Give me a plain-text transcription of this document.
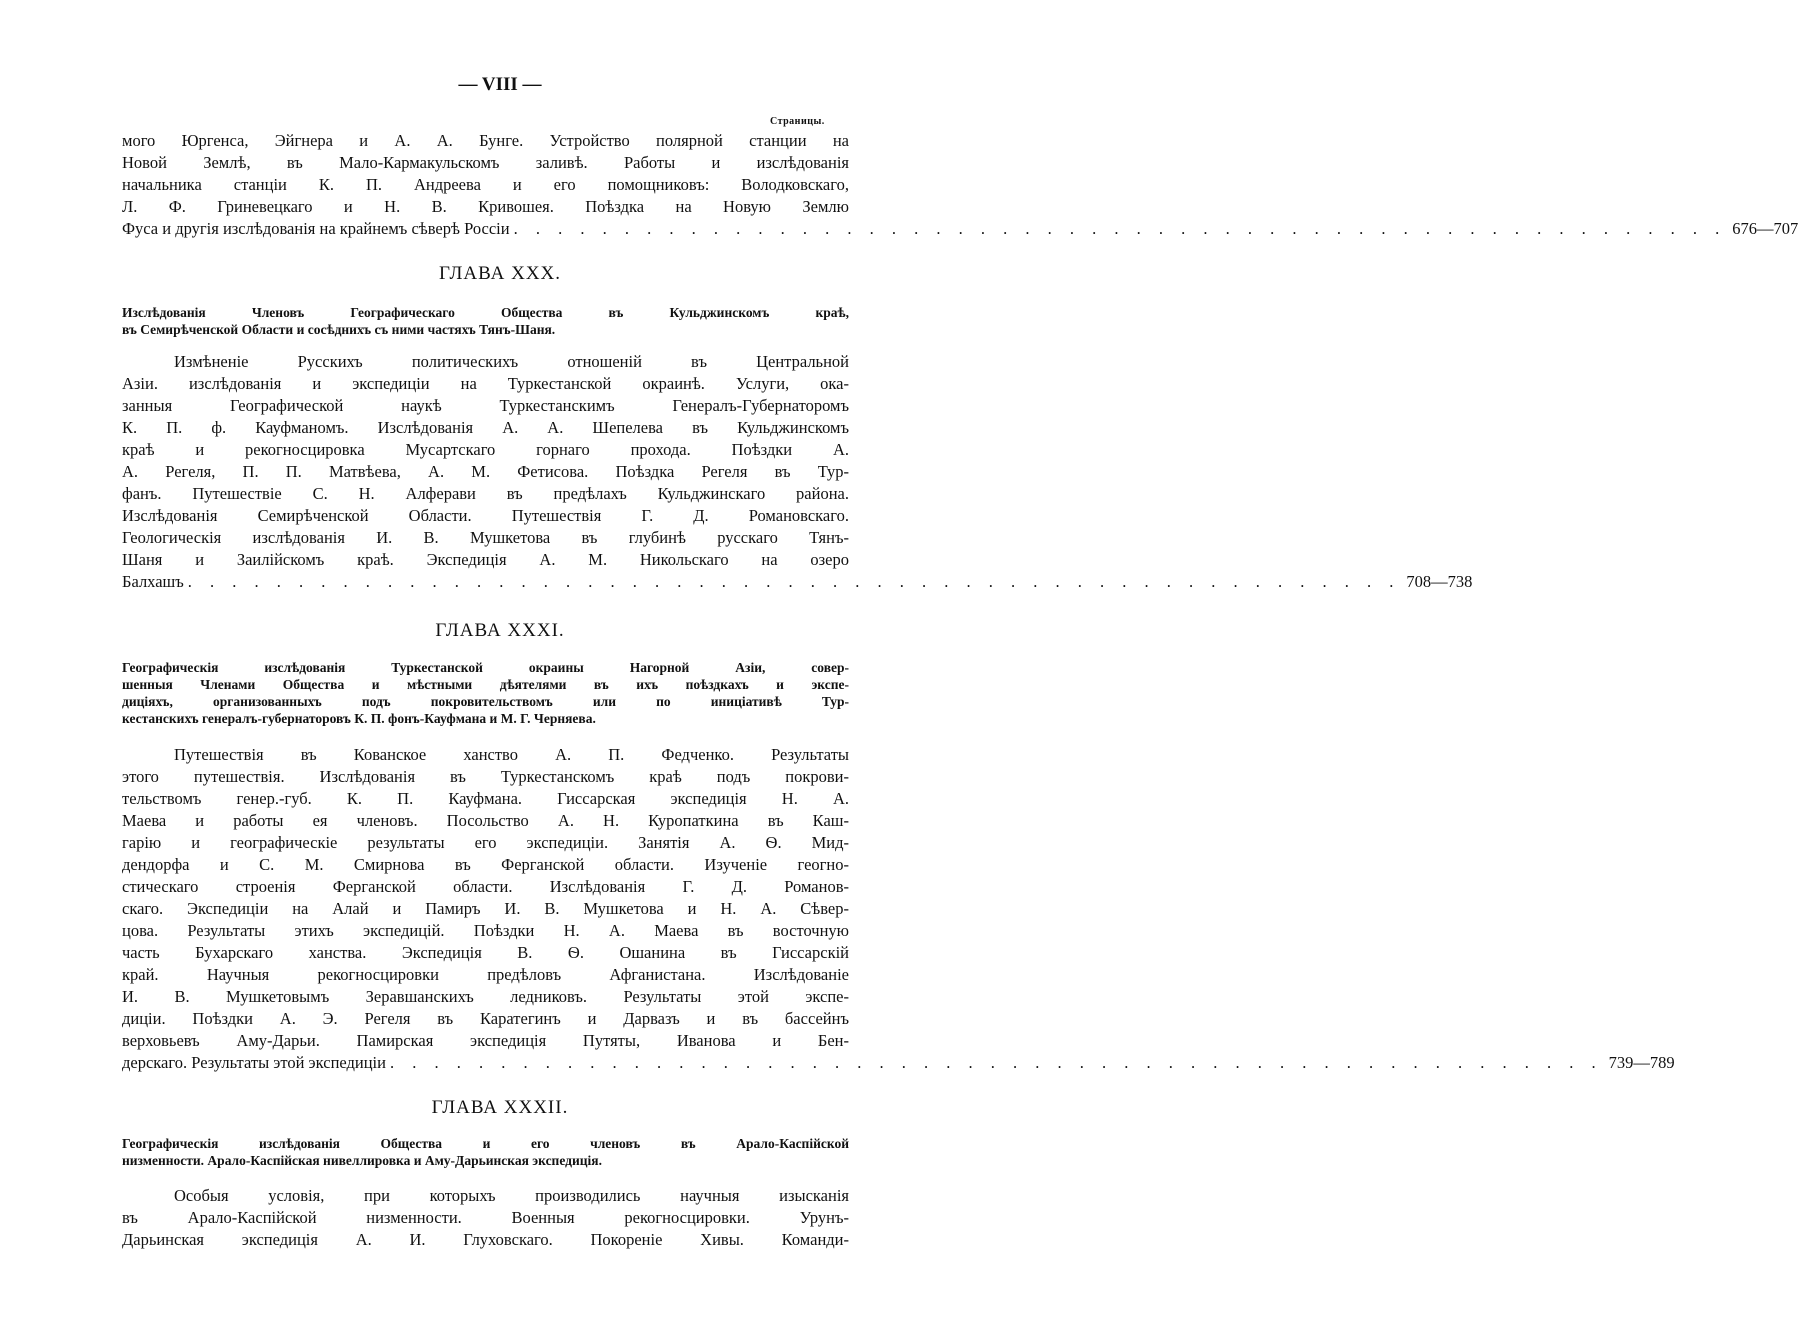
— VIII —
Страницы.
мого Юргенса, Эйгнера и А. А. Бунге. Устройство полярной станции на
Новой Землѣ, въ Мало-Кармакульскомъ заливѣ. Работы и изслѣдованія
начальника станціи К. П. Андреева и его помощниковъ: Володковскаго,
Л. Ф. Гриневецкаго и Н. В. Кривошея. Поѣздка на Новую Землю
Фуса и другія изслѣдованія на крайнемъ сѣверѣ Россіи . . . . . . . . . . . . . . . . . . . . . . . . . . . . . . . . . . . . . . . . . . . . . . . . . . . . . . . 676—707
ГЛАВА XXX.
Изслѣдованія Членовъ Географическаго Общества въ Кульджинскомъ краѣ,
въ Семирѣченской Области и сосѣднихъ съ ними частяхъ Тянъ-Шаня.
Измѣненіе Русскихъ политическихъ отношеній въ Центральной
Азіи. изслѣдованія и экспедиціи на Туркестанской окраинѣ. Услуги, ока-
занныя Географической наукѣ Туркестанскимъ Генералъ-Губернаторомъ
К. П. ф. Кауфманомъ. Изслѣдованія А. А. Шепелева въ Кульджинскомъ
краѣ и рекогносцировка Мусартскаго горнаго прохода. Поѣздки А.
А. Регеля, П. П. Матвѣева, А. М. Фетисова. Поѣздка Регеля въ Тур-
фанъ. Путешествіе С. Н. Алферави въ предѣлахъ Кульджинскаго района.
Изслѣдованія Семирѣченской Области. Путешествія Г. Д. Романовскаго.
Геологическія изслѣдованія И. В. Мушкетова въ глубинѣ русскаго Тянъ-
Шаня и Заилійскомъ краѣ. Экспедиція А. М. Никольскаго на озеро
Балхашъ . . . . . . . . . . . . . . . . . . . . . . . . . . . . . . . . . . . . . . . . . . . . . . . . . . . . . . . 708—738
ГЛАВА XXXI.
Географическія изслѣдованія Туркестанской окраины Нагорной Азіи, совер-
шенныя Членами Общества и мѣстными дѣятелями въ ихъ поѣздкахъ и экспе-
диціяхъ, организованныхъ подъ покровительствомъ или по иниціативѣ Тур-
кестанскихъ генералъ-губернаторовъ К. П. фонъ-Кауфмана и М. Г. Черняева.
Путешествія въ Кованское ханство А. П. Федченко. Результаты
этого путешествія. Изслѣдованія въ Туркестанскомъ краѣ подъ покрови-
тельствомъ генер.-губ. К. П. Кауфмана. Гиссарская экспедиція Н. А.
Маева и работы ея членовъ. Посольство А. Н. Куропаткина въ Каш-
гарію и географическіе результаты его экспедиціи. Занятія А. Ѳ. Мид-
дендорфа и С. М. Смирнова въ Ферганской области. Изученіе геогно-
стическаго строенія Ферганской области. Изслѣдованія Г. Д. Романов-
скаго. Экспедиціи на Алай и Памиръ И. В. Мушкетова и Н. А. Сѣвер-
цова. Результаты этихъ экспедицій. Поѣздки Н. А. Маева въ восточную
часть Бухарскаго ханства. Экспедиція В. Ѳ. Ошанина въ Гиссарскій
край. Научныя рекогносцировки предѣловъ Афганистана. Изслѣдованіе
И. В. Мушкетовымъ Зеравшанскихъ ледниковъ. Результаты этой экспе-
диціи. Поѣздки А. Э. Регеля въ Каратегинъ и Дарвазъ и въ бассейнъ
верховьевъ Аму-Дарьи. Памирская экспедиція Путяты, Иванова и Бен-
дерскаго. Результаты этой экспедиціи . . . . . . . . . . . . . . . . . . . . . . . . . . . . . . . . . . . . . . . . . . . . . . . . . . . . . . . 739—789
ГЛАВА XXXII.
Географическія изслѣдованія Общества и его членовъ въ Арало-Каспійской
низменности. Арало-Каспійская нивеллировка и Аму-Дарьинская экспедиція.
Особыя условія, при которыхъ производились научныя изысканія
въ Арало-Каспійской низменности. Военныя рекогносцировки. Урунъ-
Дарьинская экспедиція А. И. Глуховскаго. Покореніе Хивы. Команди-
